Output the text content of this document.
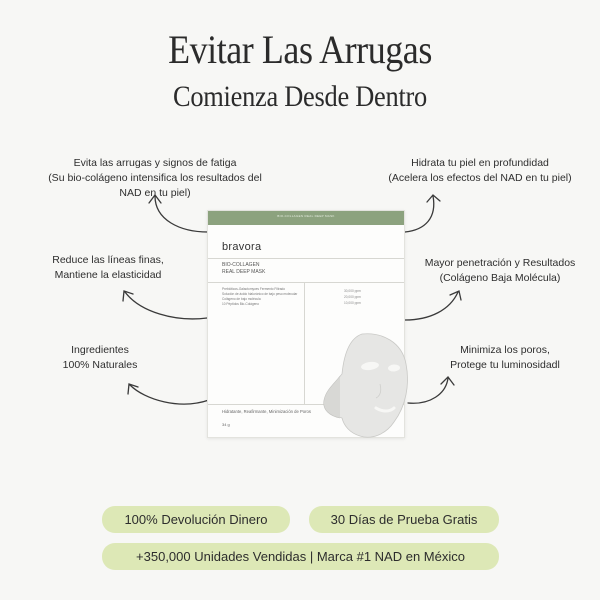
Evitar Las Arrugas
Comienza Desde Dentro
Evita las arrugas y signos de fatiga
(Su bio-colágeno intensifica los resultados del
NAD en tu piel)
Reduce las líneas finas,
Mantiene la elasticidad
Ingredientes
100% Naturales
Hidrata tu piel en profundidad
(Acelera los efectos del NAD en tu piel)
Mayor penetración y Resultados
(Colágeno Baja Molécula)
Minimiza los poros,
Protege tu luminosidadl
BIO-COLLAGEN REAL DEEP MASK
bravora
BIO-COLLAGEN
REAL DEEP MASK
Prebióticos-Galactomyces Fermento Filtrado
Solución de ácido hialurónico de bajo peso molecular
Colágeno de bajo molécula
10 Péptidos Bio-Colágeno
30,000 ppm
20,000 ppm
10,000 ppm
Hidratante, Reafirmante, Minimización de Poros
34 g
100% Devolución Dinero	30 Días de Prueba Gratis
+350,000 Unidades Vendidas | Marca #1 NAD en México
